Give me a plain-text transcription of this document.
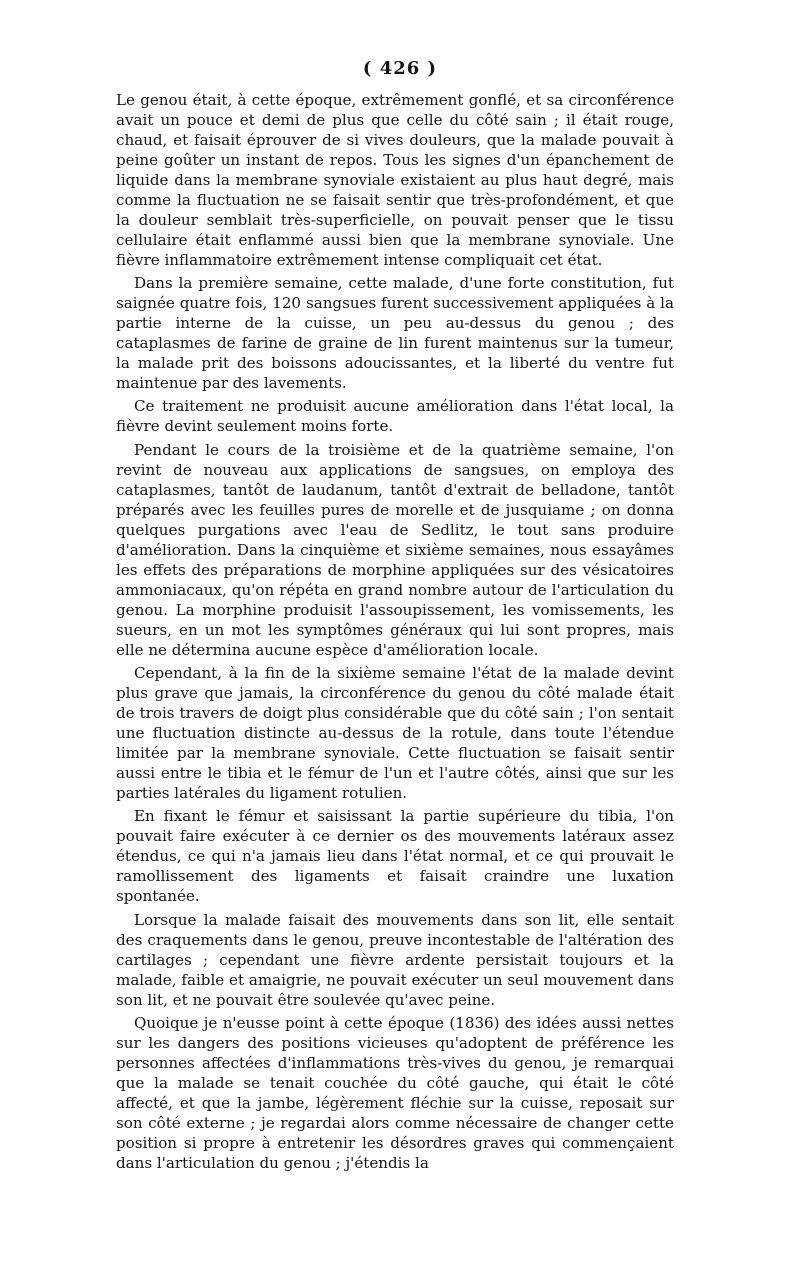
( 426 )

Le genou était, à cette époque, extrêmement gonflé, et sa circonférence avait un pouce et demi de plus que celle du côté sain ; il était rouge, chaud, et faisait éprouver de si vives douleurs, que la malade pouvait à peine goûter un instant de repos. Tous les signes d'un épanchement de liquide dans la membrane synoviale existaient au plus haut degré, mais comme la fluctuation ne se faisait sentir que très-profondément, et que la douleur semblait très-superficielle, on pouvait penser que le tissu cellulaire était enflammé aussi bien que la membrane synoviale. Une fièvre inflammatoire extrêmement intense compliquait cet état.

Dans la première semaine, cette malade, d'une forte constitution, fut saignée quatre fois, 120 sangsues furent successivement appliquées à la partie interne de la cuisse, un peu au-dessus du genou ; des cataplasmes de farine de graine de lin furent maintenus sur la tumeur, la malade prit des boissons adoucissantes, et la liberté du ventre fut maintenue par des lavements.

Ce traitement ne produisit aucune amélioration dans l'état local, la fièvre devint seulement moins forte.

Pendant le cours de la troisième et de la quatrième semaine, l'on revint de nouveau aux applications de sangsues, on employa des cataplasmes, tantôt de laudanum, tantôt d'extrait de belladone, tantôt préparés avec les feuilles pures de morelle et de jusquiame ; on donna quelques purgations avec l'eau de Sedlitz, le tout sans produire d'amélioration. Dans la cinquième et sixième semaines, nous essayâmes les effets des préparations de morphine appliquées sur des vésicatoires ammoniacaux, qu'on répéta en grand nombre autour de l'articulation du genou. La morphine produisit l'assoupissement, les vomissements, les sueurs, en un mot les symptômes généraux qui lui sont propres, mais elle ne détermina aucune espèce d'amélioration locale.

Cependant, à la fin de la sixième semaine l'état de la malade devint plus grave que jamais, la circonférence du genou du côté malade était de trois travers de doigt plus considérable que du côté sain ; l'on sentait une fluctuation distincte au-dessus de la rotule, dans toute l'étendue limitée par la membrane synoviale. Cette fluctuation se faisait sentir aussi entre le tibia et le fémur de l'un et l'autre côtés, ainsi que sur les parties latérales du ligament rotulien.

En fixant le fémur et saisissant la partie supérieure du tibia, l'on pouvait faire exécuter à ce dernier os des mouvements latéraux assez étendus, ce qui n'a jamais lieu dans l'état normal, et ce qui prouvait le ramollissement des ligaments et faisait craindre une luxation spontanée.

Lorsque la malade faisait des mouvements dans son lit, elle sentait des craquements dans le genou, preuve incontestable de l'altération des cartilages ; cependant une fièvre ardente persistait toujours et la malade, faible et amaigrie, ne pouvait exécuter un seul mouvement dans son lit, et ne pouvait être soulevée qu'avec peine.

Quoique je n'eusse point à cette époque (1836) des idées aussi nettes sur les dangers des positions vicieuses qu'adoptent de préférence les personnes affectées d'inflammations très-vives du genou, je remarquai que la malade se tenait couchée du côté gauche, qui était le côté affecté, et que la jambe, légèrement fléchie sur la cuisse, reposait sur son côté externe ; je regardai alors comme nécessaire de changer cette position si propre à entretenir les désordres graves qui commençaient dans l'articulation du genou ; j'étendis la
